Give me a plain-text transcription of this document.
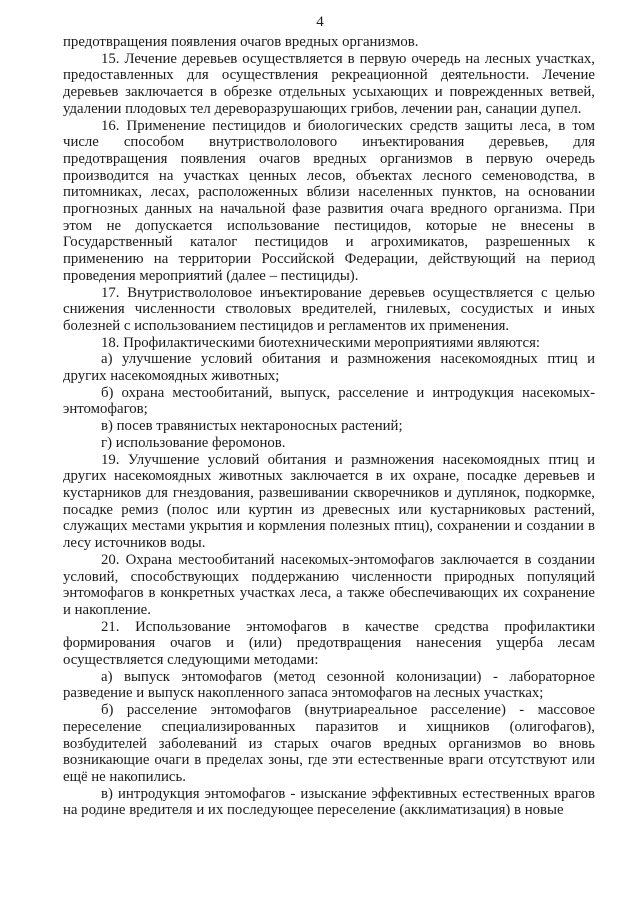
4

предотвращения появления очагов вредных организмов.

15. Лечение деревьев осуществляется в первую очередь на лесных участках, предоставленных для осуществления рекреационной деятельности. Лечение деревьев заключается в обрезке отдельных усыхающих и поврежденных ветвей, удалении плодовых тел дереворазрушающих грибов, лечении ран, санации дупел.

16. Применение пестицидов и биологических средств защиты леса, в том числе способом внутриствололового инъектирования деревьев, для предотвращения появления очагов вредных организмов в первую очередь производится на участках ценных лесов, объектах лесного семеноводства, в питомниках, лесах, расположенных вблизи населенных пунктов, на основании прогнозных данных на начальной фазе развития очага вредного организма. При этом не допускается использование пестицидов, которые не внесены в Государственный каталог пестицидов и агрохимикатов, разрешенных к применению на территории Российской Федерации, действующий на период проведения мероприятий (далее – пестициды).

17. Внутриствололовое инъектирование деревьев осуществляется с целью снижения численности стволовых вредителей, гнилевых, сосудистых и иных болезней с использованием пестицидов и регламентов их применения.

18. Профилактическими биотехническими мероприятиями являются:

а) улучшение условий обитания и размножения насекомоядных птиц и других насекомоядных животных;

б) охрана местообитаний, выпуск, расселение и интродукция насекомых-энтомофагов;

в) посев травянистых нектароносных растений;

г) использование феромонов.

19. Улучшение условий обитания и размножения насекомоядных птиц и других насекомоядных животных заключается в их охране, посадке деревьев и кустарников для гнездования, развешивании скворечников и дуплянок, подкормке, посадке ремиз (полос или куртин из древесных или кустарниковых растений, служащих местами укрытия и кормления полезных птиц), сохранении и создании в лесу источников воды.

20. Охрана местообитаний насекомых-энтомофагов заключается в создании условий, способствующих поддержанию численности природных популяций энтомофагов в конкретных участках леса, а также обеспечивающих их сохранение и накопление.

21. Использование энтомофагов в качестве средства профилактики формирования очагов и (или) предотвращения нанесения ущерба лесам осуществляется следующими методами:

а) выпуск энтомофагов (метод сезонной колонизации) - лабораторное разведение и выпуск накопленного запаса энтомофагов на лесных участках;

б) расселение энтомофагов (внутриареальное расселение) - массовое переселение специализированных паразитов и хищников (олигофагов), возбудителей заболеваний из старых очагов вредных организмов во вновь возникающие очаги в пределах зоны, где эти естественные враги отсутствуют или ещё не накопились.

в) интродукция энтомофагов - изыскание эффективных естественных врагов на родине вредителя и их последующее переселение (акклиматизация) в новые
